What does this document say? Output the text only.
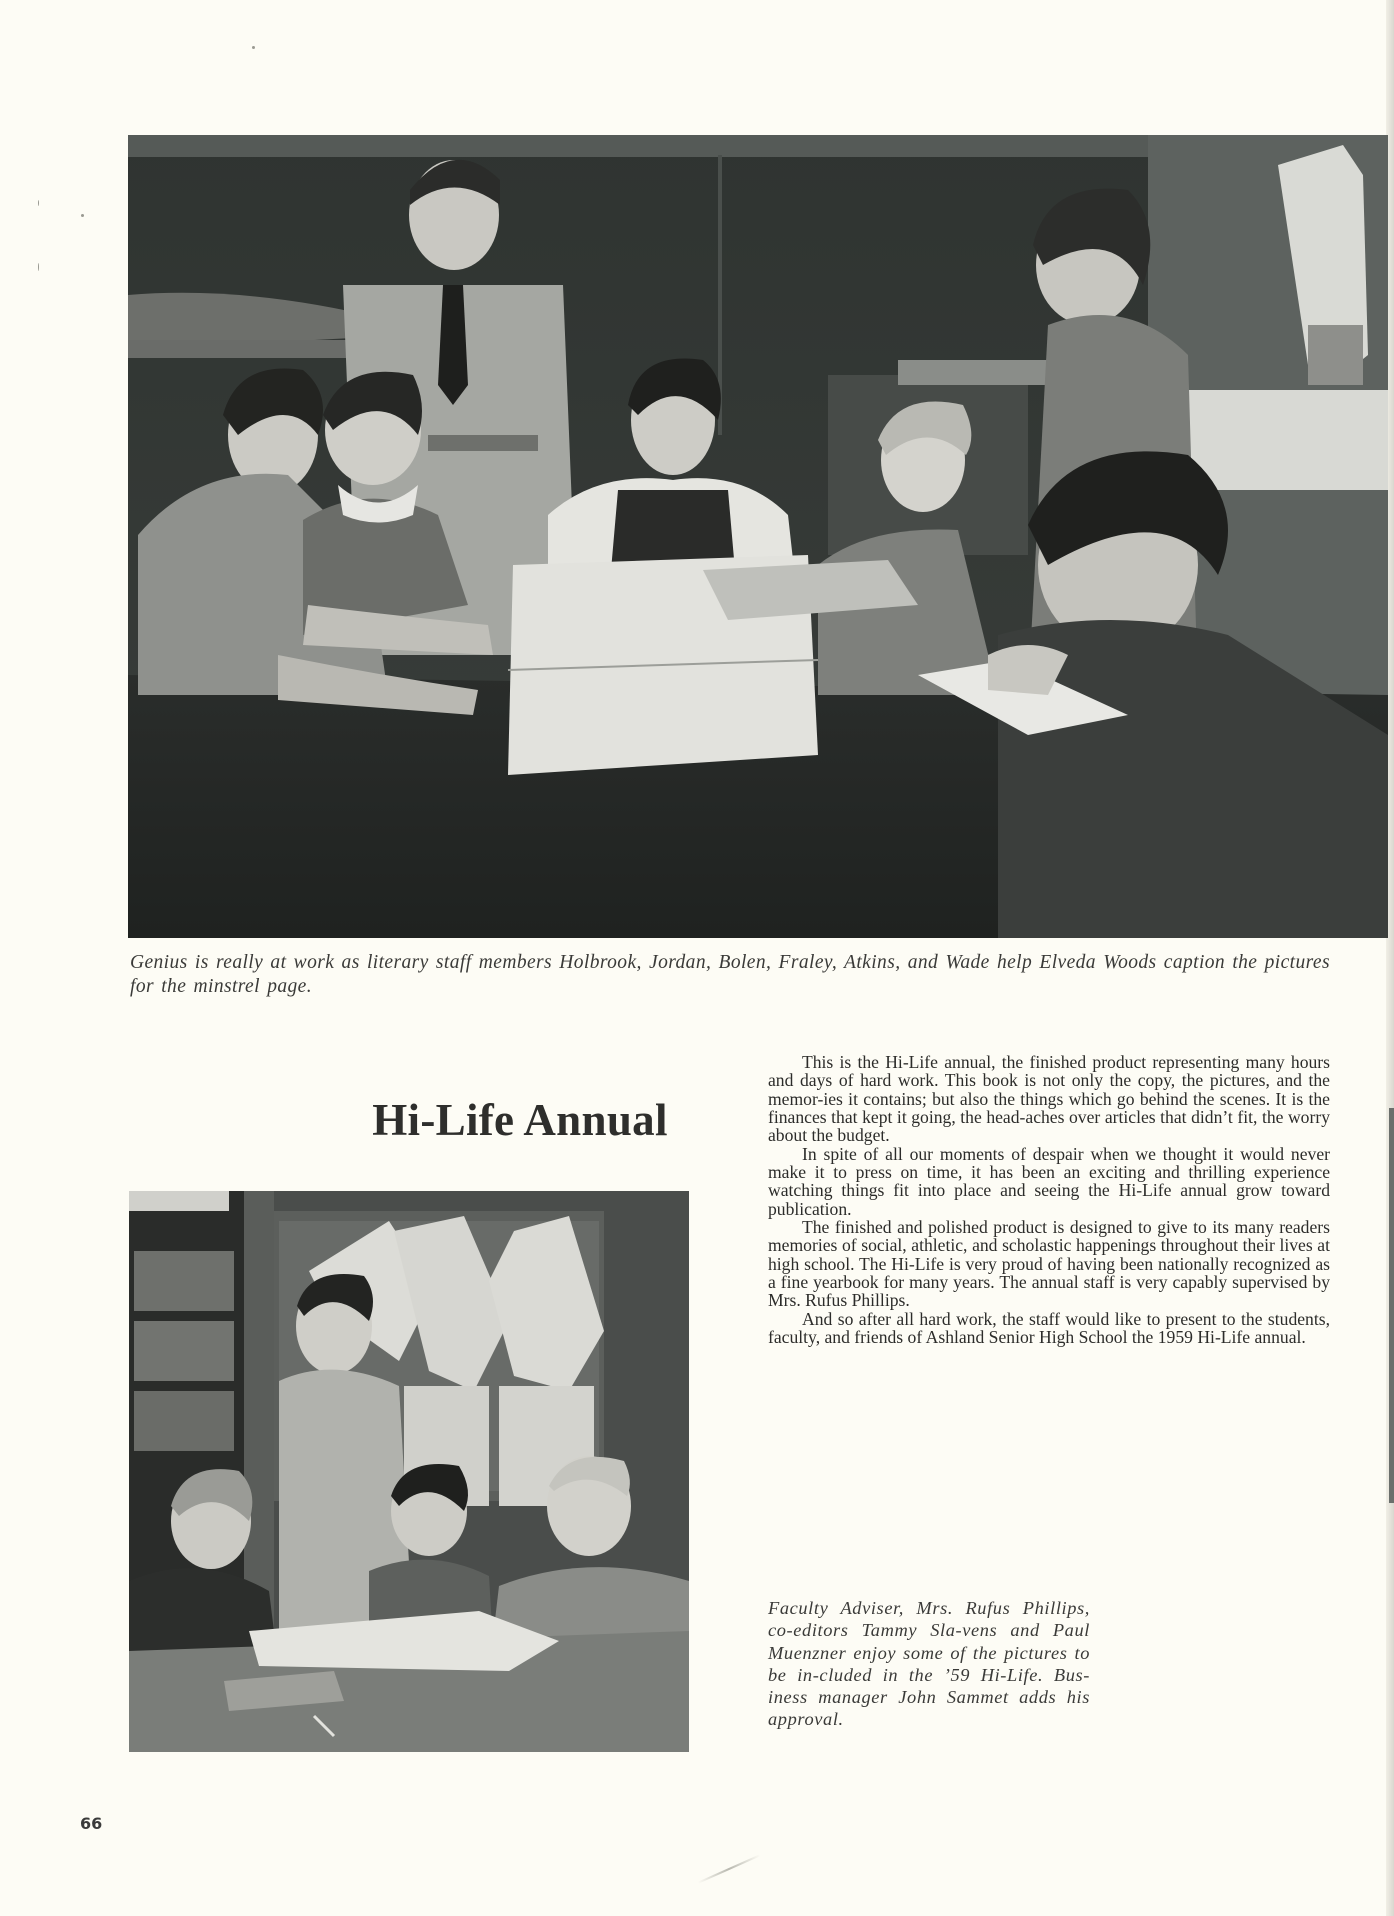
Genius is really at work as literary staff members Holbrook, Jordan, Bolen, Fraley, Atkins, and Wade help Elveda Woods caption the pictures for the minstrel page.
Hi-Life Annual

This is the Hi-Life annual, the finished product representing many hours and days of hard work. This book is not only the copy, the pictures, and the memor-ies it contains; but also the things which go behind the scenes. It is the finances that kept it going, the head-aches over articles that didn’t fit, the worry about the budget.

In spite of all our moments of despair when we thought it would never make it to press on time, it has been an exciting and thrilling experience watching things fit into place and seeing the Hi-Life annual grow toward publication.

The finished and polished product is designed to give to its many readers memories of social, athletic, and scholastic happenings throughout their lives at high school. The Hi-Life is very proud of having been nationally recognized as a fine yearbook for many years. The annual staff is very capably supervised by Mrs. Rufus Phillips.

And so after all hard work, the staff would like to present to the students, faculty, and friends of Ashland Senior High School the 1959 Hi-Life annual.

Faculty Adviser, Mrs. Rufus Phillips, co-editors Tammy Sla-vens and Paul Muenzner enjoy some of the pictures to be in-cluded in the ’59 Hi-Life. Bus-iness manager John Sammet adds his approval.
66
